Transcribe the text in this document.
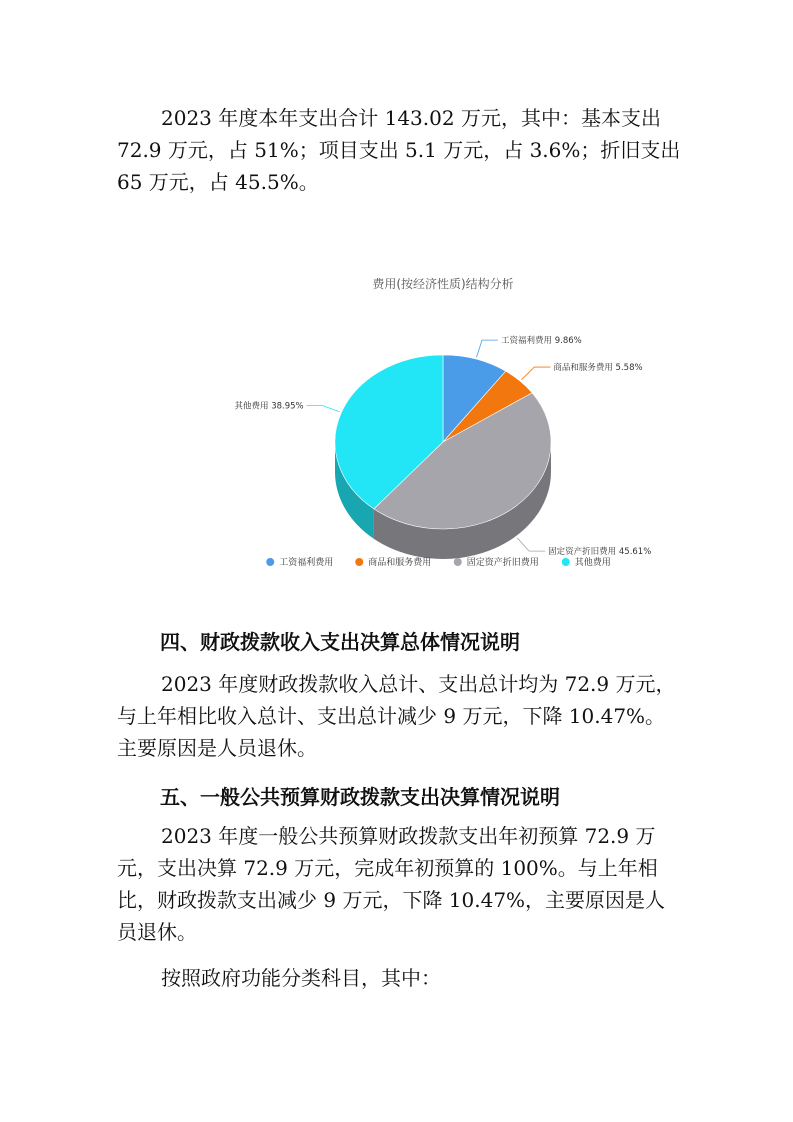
2023 年度本年支出合计 143.02 万元，其中：基本支出
72.9 万元，占 51%；项目支出 5.1 万元，占 3.6%；折旧支出
65 万元，占 45.5%。
费用(按经济性质)结构分析
工资福利费用 9.86%
商品和服务费用 5.58%
固定资产折旧费用 45.61%
其他费用 38.95%
工资福利费用	商品和服务费用	固定资产折旧费用	其他费用
四、财政拨款收入支出决算总体情况说明
2023 年度财政拨款收入总计、支出总计均为 72.9 万元，
与上年相比收入总计、支出总计减少 9 万元，下降 10.47%。
主要原因是人员退休。
五、一般公共预算财政拨款支出决算情况说明
2023 年度一般公共预算财政拨款支出年初预算 72.9 万
元，支出决算 72.9 万元，完成年初预算的 100%。与上年相
比，财政拨款支出减少 9 万元，下降 10.47%，主要原因是人
员退休。
按照政府功能分类科目，其中：
